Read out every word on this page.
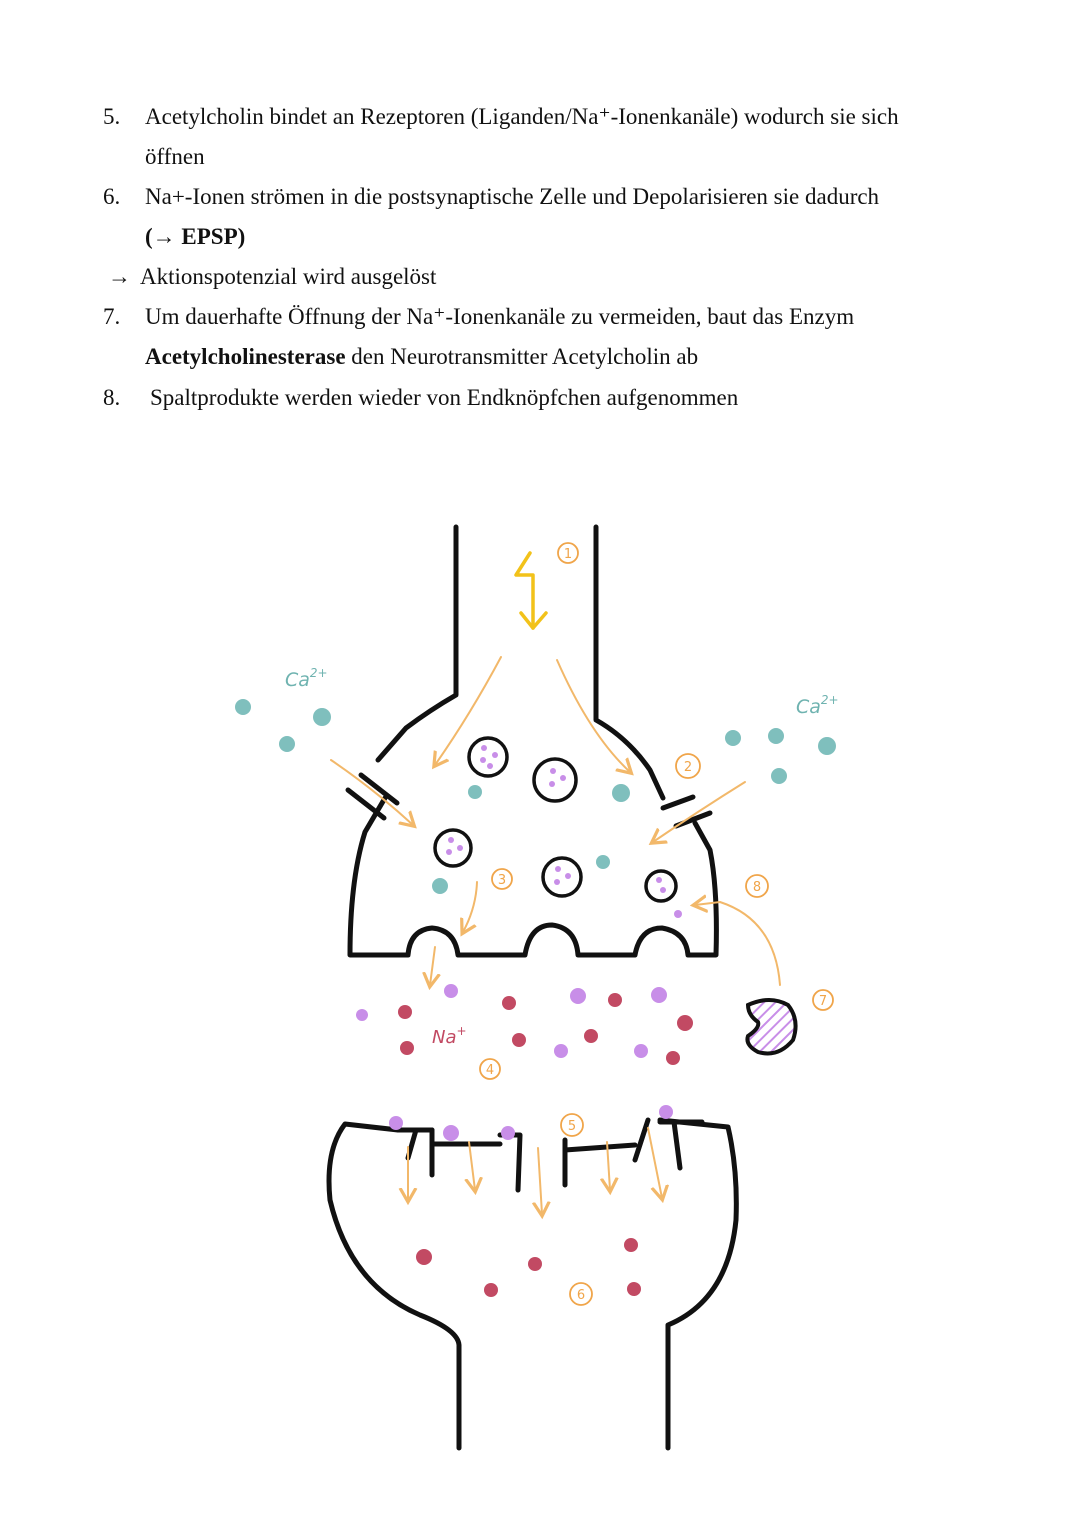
5. Acetylcholin bindet an Rezeptoren (Liganden/Na⁺-Ionenkanäle) wodurch sie sich
öffnen
6. Na+-Ionen strömen in die postsynaptische Zelle und Depolarisieren sie dadurch
(→ EPSP)
→ Aktionspotenzial wird ausgelöst
7. Um dauerhafte Öffnung der Na⁺-Ionenkanäle zu vermeiden, baut das Enzym
Acetylcholinesterase den Neurotransmitter Acetylcholin ab
8. Spaltprodukte werden wieder von Endknöpfchen aufgenommen
$Ca^{2+}$
$Ca^{2+}$
Na+
1
2
3
4
5
6
7
8
